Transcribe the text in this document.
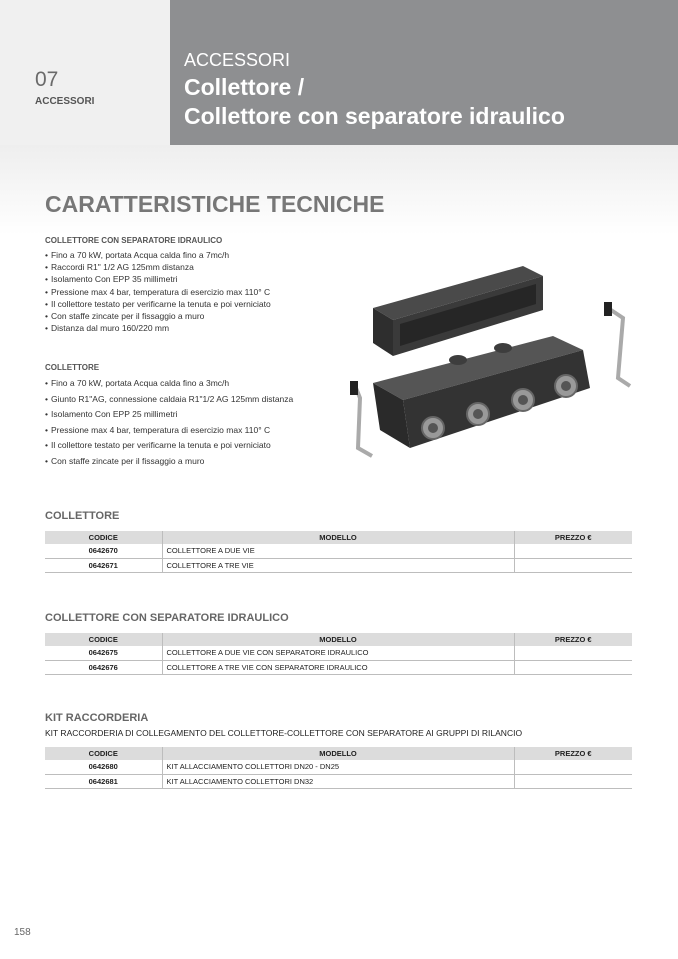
07
ACCESSORI
ACCESSORI
Collettore /
Collettore con separatore idraulico
CARATTERISTICHE TECNICHE
COLLETTORE CON SEPARATORE IDRAULICO
• Fino a 70 kW, portata Acqua calda fino a 7mc/h
• Raccordi R1" 1/2 AG 125mm distanza
• Isolamento Con EPP 35 millimetri
• Pressione max 4 bar, temperatura di esercizio max 110° C
• Il collettore testato per verificarne la tenuta e poi verniciato
• Con staffe zincate per il fissaggio a muro
• Distanza dal muro 160/220 mm
COLLETTORE
• Fino a 70 kW, portata Acqua calda fino a 3mc/h
• Giunto R1"AG, connessione caldaia R1"1/2 AG 125mm distanza
• Isolamento Con EPP 25 millimetri
• Pressione max 4 bar, temperatura di esercizio max 110° C
• Il collettore testato per verificarne la tenuta e poi verniciato
• Con staffe zincate per il fissaggio a muro
COLLETTORE
CODICE	MODELLO	PREZZO €
0642670	COLLETTORE A DUE VIE	
0642671	COLLETTORE A TRE VIE	
COLLETTORE CON SEPARATORE IDRAULICO
CODICE	MODELLO	PREZZO €
0642675	COLLETTORE A DUE VIE CON SEPARATORE IDRAULICO	
0642676	COLLETTORE A TRE VIE CON SEPARATORE IDRAULICO	
KIT RACCORDERIA
KIT RACCORDERIA DI COLLEGAMENTO DEL COLLETTORE-COLLETTORE CON SEPARATORE AI GRUPPI DI RILANCIO
CODICE	MODELLO	PREZZO €
0642680	KIT ALLACCIAMENTO COLLETTORI DN20 - DN25	
0642681	KIT ALLACCIAMENTO COLLETTORI DN32	
158
